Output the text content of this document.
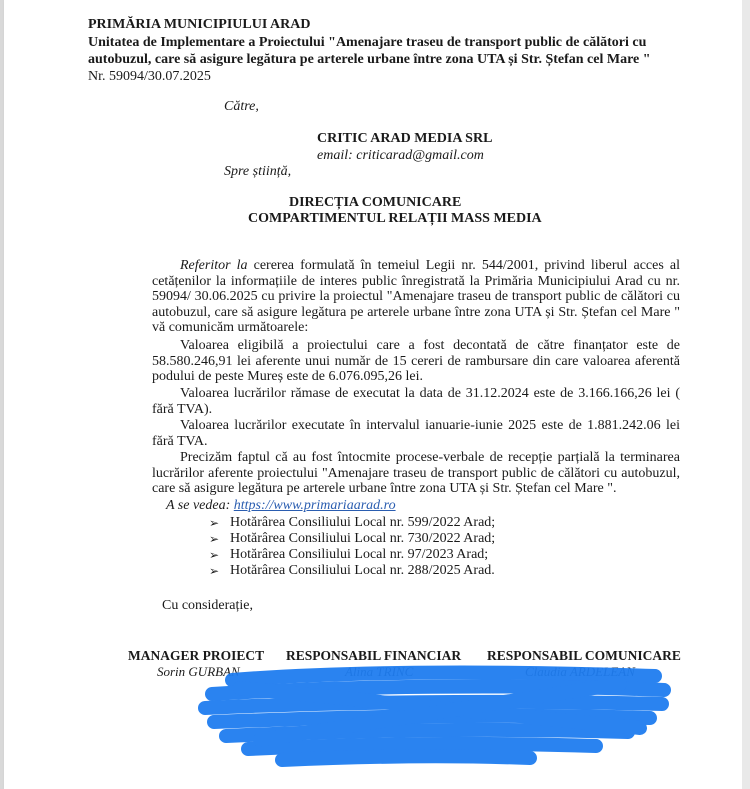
PRIMĂRIA MUNICIPIULUI ARAD
Unitatea de Implementare a Proiectului "Amenajare traseu de transport public de călători cu
autobuzul, care să asigure legătura pe arterele urbane între zona UTA și Str. Ștefan cel Mare "
Nr. 59094/30.07.2025
Către,
CRITIC ARAD MEDIA SRL
email: criticarad@gmail.com
Spre știință,
DIRECȚIA COMUNICARE
COMPARTIMENTUL RELAȚII MASS MEDIA
Referitor la cererea formulată în temeiul Legii nr. 544/2001, privind liberul acces al cetățenilor la informațiile de interes public înregistrată la Primăria Municipiului Arad cu nr. 59094/ 30.06.2025 cu privire la proiectul "Amenajare traseu de transport public de călători cu autobuzul, care să asigure legătura pe arterele urbane între zona UTA și Str. Ștefan cel Mare " vă comunicăm următoarele:
Valoarea eligibilă a proiectului care a fost decontată de către finanțator este de 58.580.246,91 lei aferente unui număr de 15 cereri de rambursare din care valoarea aferentă podului de peste Mureș este de 6.076.095,26 lei.
Valoarea lucrărilor rămase de executat la data de 31.12.2024 este de 3.166.166,26 lei ( fără TVA).
Valoarea lucrărilor executate în intervalul ianuarie-iunie 2025 este de 1.881.242.06 lei fără TVA.
Precizăm faptul că au fost întocmite procese-verbale de recepție parțială la terminarea lucrărilor aferente proiectului "Amenajare traseu de transport public de călători cu autobuzul, care să asigure legătura pe arterele urbane între zona UTA și Str. Ștefan cel Mare ".
A se vedea: https://www.primariaarad.ro
➢ Hotărârea Consiliului Local nr. 599/2022 Arad;
➢ Hotărârea Consiliului Local nr. 730/2022 Arad;
➢ Hotărârea Consiliului Local nr. 97/2023 Arad;
➢ Hotărârea Consiliului Local nr. 288/2025 Arad.
Cu considerație,
MANAGER PROIECT
Sorin GURBAN
RESPONSABIL FINANCIAR
Alina TRINC
RESPONSABIL COMUNICARE
Claudia ARDELEAN
